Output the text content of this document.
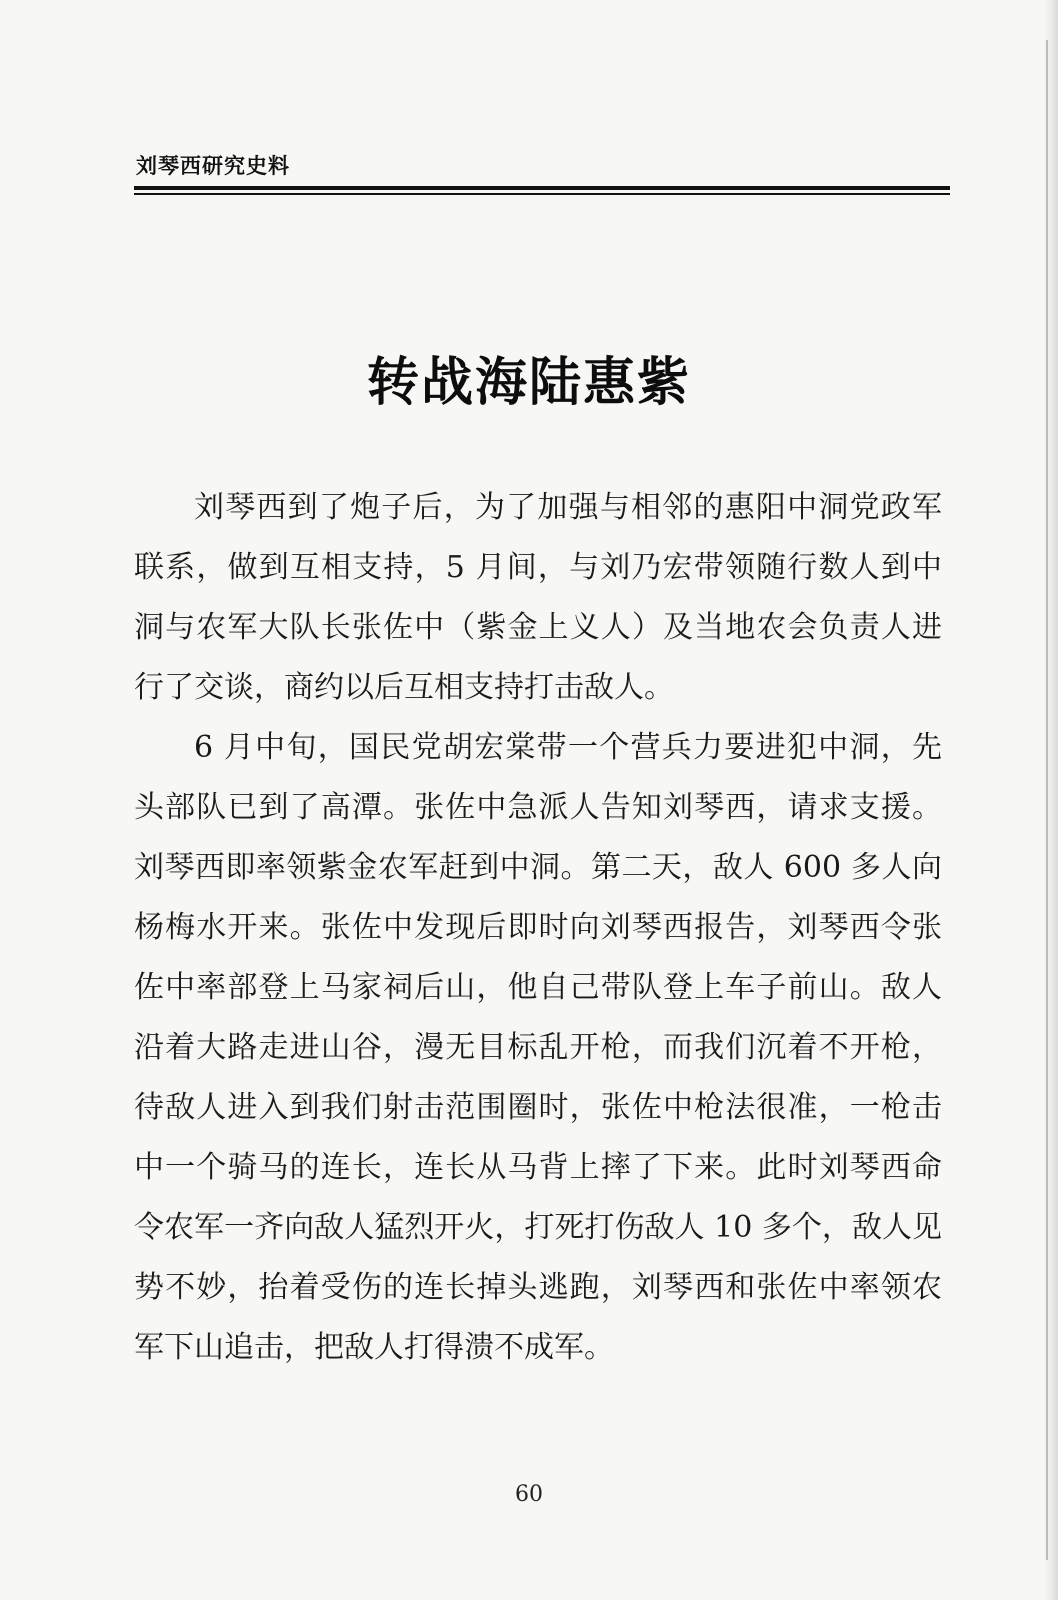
刘琴西研究史料
转战海陆惠紫

刘琴西到了炮子后，为了加强与相邻的惠阳中洞党政军联系，做到互相支持，5 月间，与刘乃宏带领随行数人到中洞与农军大队长张佐中（紫金上义人）及当地农会负责人进行了交谈，商约以后互相支持打击敌人。

6 月中旬，国民党胡宏棠带一个营兵力要进犯中洞，先头部队已到了高潭。张佐中急派人告知刘琴西，请求支援。刘琴西即率领紫金农军赶到中洞。第二天，敌人 600 多人向杨梅水开来。张佐中发现后即时向刘琴西报告，刘琴西令张佐中率部登上马家祠后山，他自己带队登上车子前山。敌人沿着大路走进山谷，漫无目标乱开枪，而我们沉着不开枪，待敌人进入到我们射击范围圈时，张佐中枪法很准，一枪击中一个骑马的连长，连长从马背上摔了下来。此时刘琴西命令农军一齐向敌人猛烈开火，打死打伤敌人 10 多个，敌人见势不妙，抬着受伤的连长掉头逃跑，刘琴西和张佐中率领农军下山追击，把敌人打得溃不成军。

60
